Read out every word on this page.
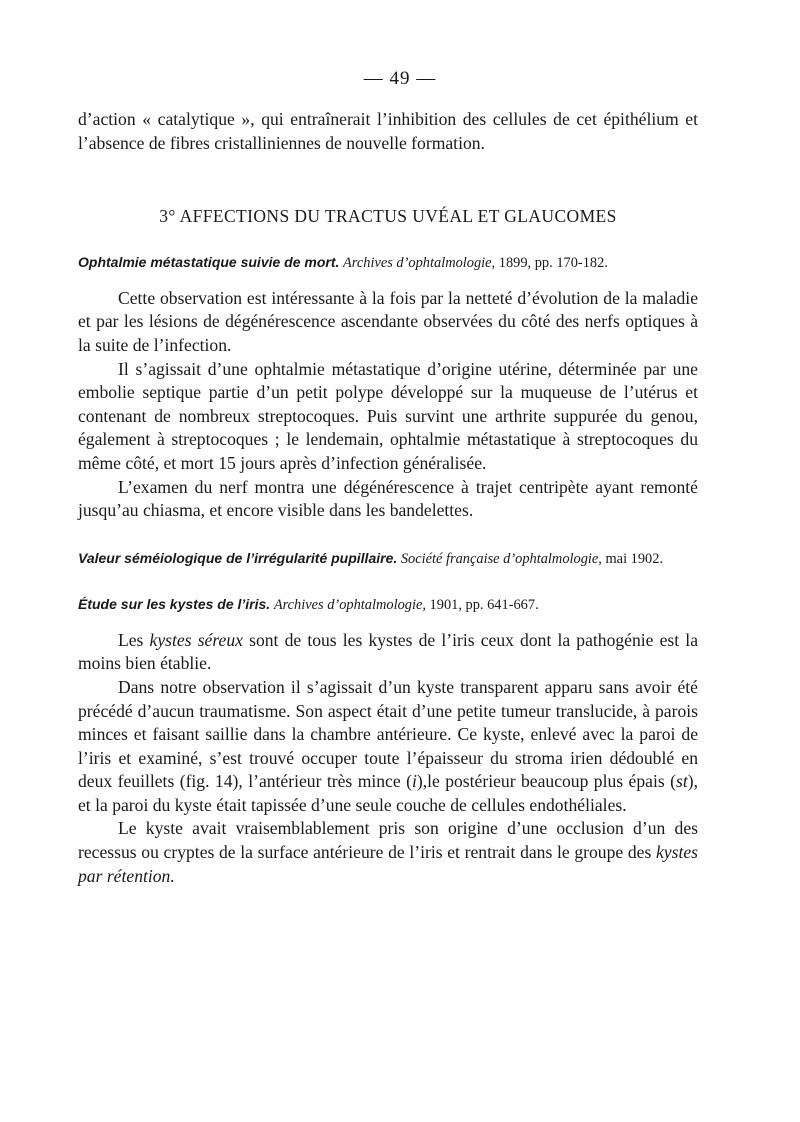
— 49 —

d’action « catalytique », qui entraînerait l’inhibition des cellules de cet épithélium et l’absence de fibres cristalliniennes de nouvelle formation.

3° AFFECTIONS DU TRACTUS UVÉAL ET GLAUCOMES
Ophtalmie métastatique suivie de mort. Archives d’ophtalmologie, 1899, pp. 170-182.

Cette observation est intéressante à la fois par la netteté d’évolution de la maladie et par les lésions de dégénérescence ascendante observées du côté des nerfs optiques à la suite de l’infection.

Il s’agissait d’une ophtalmie métastatique d’origine utérine, déterminée par une embolie septique partie d’un petit polype développé sur la muqueuse de l’utérus et contenant de nombreux streptocoques. Puis survint une arthrite suppurée du genou, également à streptocoques ; le lendemain, ophtalmie métastatique à streptocoques du même côté, et mort 15 jours après d’infection généralisée.

L’examen du nerf montra une dégénérescence à trajet centripète ayant remonté jusqu’au chiasma, et encore visible dans les bandelettes.

Valeur séméiologique de l’irrégularité pupillaire. Société française d’ophtalmologie, mai 1902.
Étude sur les kystes de l’iris. Archives d’ophtalmologie, 1901, pp. 641-667.

Les kystes séreux sont de tous les kystes de l’iris ceux dont la pathogénie est la moins bien établie.

Dans notre observation il s’agissait d’un kyste transparent apparu sans avoir été précédé d’aucun traumatisme. Son aspect était d’une petite tumeur translucide, à parois minces et faisant saillie dans la chambre antérieure. Ce kyste, enlevé avec la paroi de l’iris et examiné, s’est trouvé occuper toute l’épaisseur du stroma irien dédoublé en deux feuillets (fig. 14), l’antérieur très mince (i),le postérieur beaucoup plus épais (st), et la paroi du kyste était tapissée d’une seule couche de cellules endothéliales.

Le kyste avait vraisemblablement pris son origine d’une occlusion d’un des recessus ou cryptes de la surface antérieure de l’iris et rentrait dans le groupe des kystes par rétention.
